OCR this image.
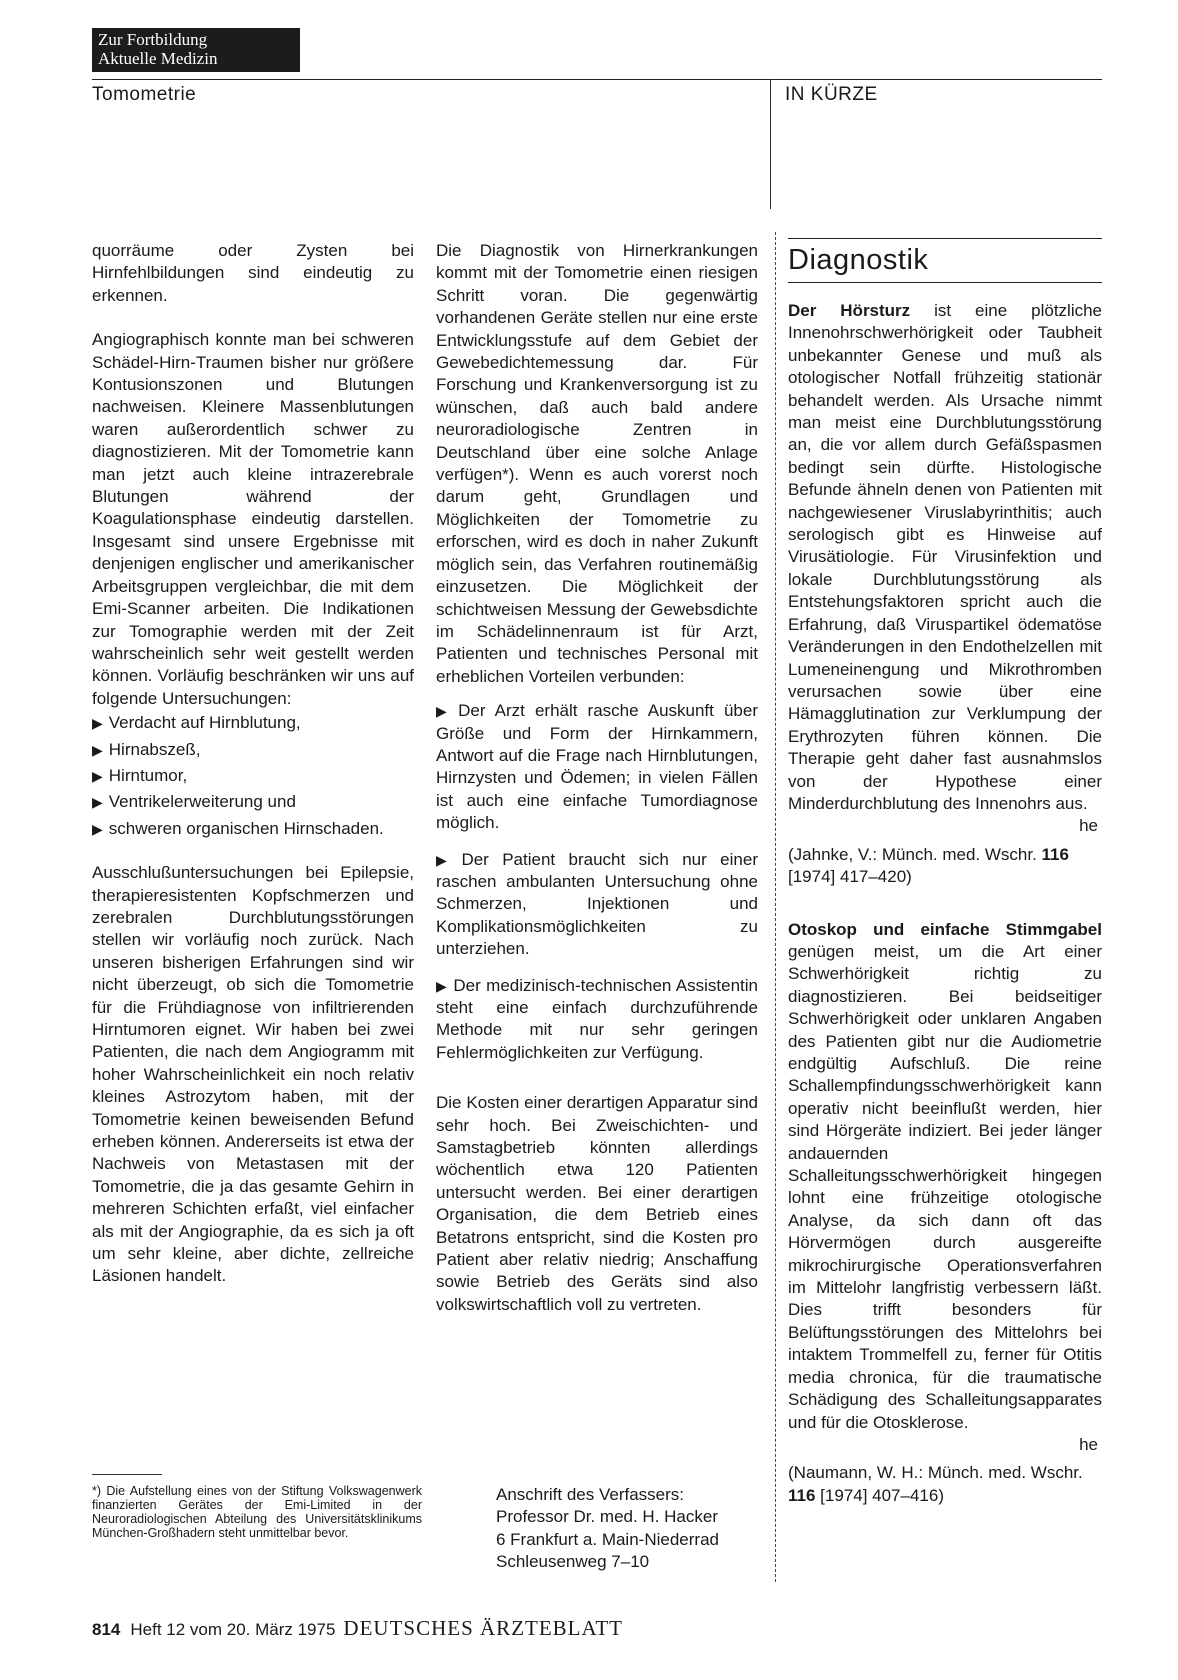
Zur Fortbildung
Aktuelle Medizin
Tomometrie	IN KÜRZE

quorräume oder Zysten bei Hirnfehlbildungen sind eindeutig zu erkennen.

Angiographisch konnte man bei schweren Schädel-Hirn-Traumen bisher nur größere Kontusionszonen und Blutungen nachweisen. Kleinere Massenblutungen waren außerordentlich schwer zu diagnostizieren. Mit der Tomometrie kann man jetzt auch kleine intrazerebrale Blutungen während der Koagulationsphase eindeutig darstellen. Insgesamt sind unsere Ergebnisse mit denjenigen englischer und amerikanischer Arbeitsgruppen vergleichbar, die mit dem Emi-Scanner arbeiten. Die Indikationen zur Tomographie werden mit der Zeit wahrscheinlich sehr weit gestellt werden können. Vorläufig beschränken wir uns auf folgende Untersuchungen:

▶ Verdacht auf Hirnblutung,
▶ Hirnabszeß,
▶ Hirntumor,
▶ Ventrikelerweiterung und
▶ schweren organischen Hirnschaden.

Ausschlußuntersuchungen bei Epilepsie, therapieresistenten Kopfschmerzen und zerebralen Durchblutungsstörungen stellen wir vorläufig noch zurück. Nach unseren bisherigen Erfahrungen sind wir nicht überzeugt, ob sich die Tomometrie für die Frühdiagnose von infiltrierenden Hirntumoren eignet. Wir haben bei zwei Patienten, die nach dem Angiogramm mit hoher Wahrscheinlichkeit ein noch relativ kleines Astrozytom haben, mit der Tomometrie keinen beweisenden Befund erheben können. Andererseits ist etwa der Nachweis von Metastasen mit der Tomometrie, die ja das gesamte Gehirn in mehreren Schichten erfaßt, viel einfacher als mit der Angiographie, da es sich ja oft um sehr kleine, aber dichte, zellreiche Läsionen handelt.

*) Die Aufstellung eines von der Stiftung Volkswagenwerk finanzierten Gerätes der Emi-Limited in der Neuroradiologischen Abteilung des Universitätsklinikums München-Großhadern steht unmittelbar bevor.

Die Diagnostik von Hirnerkrankungen kommt mit der Tomometrie einen riesigen Schritt voran. Die gegenwärtig vorhandenen Geräte stellen nur eine erste Entwicklungsstufe auf dem Gebiet der Gewebedichtemessung dar. Für Forschung und Krankenversorgung ist zu wünschen, daß auch bald andere neuroradiologische Zentren in Deutschland über eine solche Anlage verfügen*). Wenn es auch vorerst noch darum geht, Grundlagen und Möglichkeiten der Tomometrie zu erforschen, wird es doch in naher Zukunft möglich sein, das Verfahren routinemäßig einzusetzen. Die Möglichkeit der schichtweisen Messung der Gewebsdichte im Schädelinnenraum ist für Arzt, Patienten und technisches Personal mit erheblichen Vorteilen verbunden:

▶ Der Arzt erhält rasche Auskunft über Größe und Form der Hirnkammern, Antwort auf die Frage nach Hirnblutungen, Hirnzysten und Ödemen; in vielen Fällen ist auch eine einfache Tumordiagnose möglich.
▶ Der Patient braucht sich nur einer raschen ambulanten Untersuchung ohne Schmerzen, Injektionen und Komplikationsmöglichkeiten zu unterziehen.
▶ Der medizinisch-technischen Assistentin steht eine einfach durchzuführende Methode mit nur sehr geringen Fehlermöglichkeiten zur Verfügung.

Die Kosten einer derartigen Apparatur sind sehr hoch. Bei Zweischichten- und Samstagbetrieb könnten allerdings wöchentlich etwa 120 Patienten untersucht werden. Bei einer derartigen Organisation, die dem Betrieb eines Betatrons entspricht, sind die Kosten pro Patient aber relativ niedrig; Anschaffung sowie Betrieb des Geräts sind also volkswirtschaftlich voll zu vertreten.

Anschrift des Verfassers:
Professor Dr. med. H. Hacker
6 Frankfurt a. Main-Niederrad
Schleusenweg 7–10
Diagnostik

Der Hörsturz ist eine plötzliche Innenohrschwerhörigkeit oder Taubheit unbekannter Genese und muß als otologischer Notfall frühzeitig stationär behandelt werden. Als Ursache nimmt man meist eine Durchblutungsstörung an, die vor allem durch Gefäßspasmen bedingt sein dürfte. Histologische Befunde ähneln denen von Patienten mit nachgewiesener Viruslabyrinthitis; auch serologisch gibt es Hinweise auf Virusätiologie. Für Virusinfektion und lokale Durchblutungsstörung als Entstehungsfaktoren spricht auch die Erfahrung, daß Viruspartikel ödematöse Veränderungen in den Endothelzellen mit Lumeneinengung und Mikrothromben verursachen sowie über eine Hämagglutination zur Verklumpung der Erythrozyten führen können. Die Therapie geht daher fast ausnahmslos von der Hypothese einer Minderdurchblutung des Innenohrs aus.

he
(Jahnke, V.: Münch. med. Wschr. 116 [1974] 417–420)

Otoskop und einfache Stimmgabel genügen meist, um die Art einer Schwerhörigkeit richtig zu diagnostizieren. Bei beidseitiger Schwerhörigkeit oder unklaren Angaben des Patienten gibt nur die Audiometrie endgültig Aufschluß. Die reine Schallempfindungsschwerhörigkeit kann operativ nicht beeinflußt werden, hier sind Hörgeräte indiziert. Bei jeder länger andauernden Schalleitungsschwerhörigkeit hingegen lohnt eine frühzeitige otologische Analyse, da sich dann oft das Hörvermögen durch ausgereifte mikrochirurgische Operationsverfahren im Mittelohr langfristig verbessern läßt. Dies trifft besonders für Belüftungsstörungen des Mittelohrs bei intaktem Trommelfell zu, ferner für Otitis media chronica, für die traumatische Schädigung des Schalleitungsapparates und für die Otosklerose.

he
(Naumann, W. H.: Münch. med. Wschr. 116 [1974] 407–416)
814 Heft 12 vom 20. März 1975 DEUTSCHES ÄRZTEBLATT
